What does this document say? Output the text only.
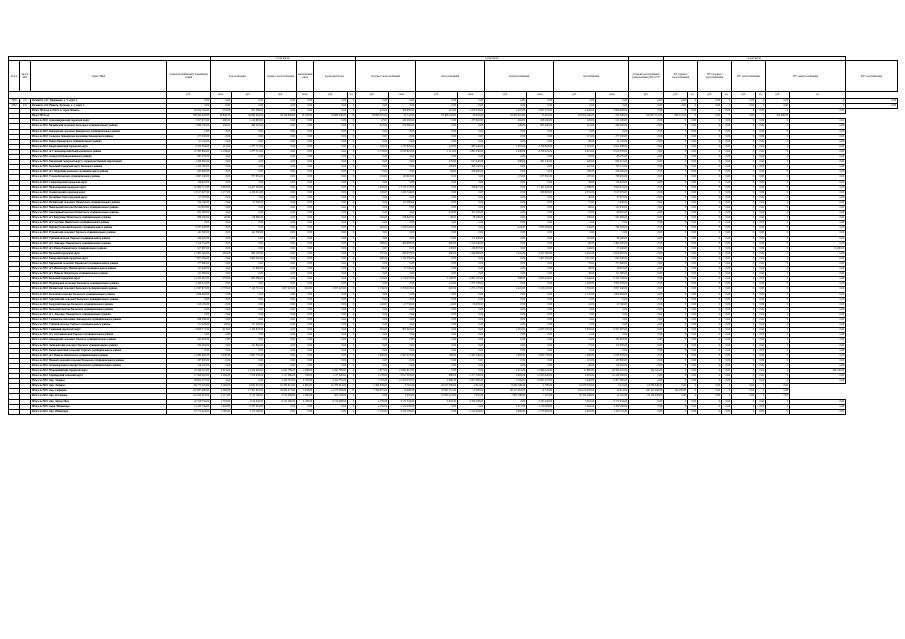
				в том числе:						в том числе:									в том числе:								
№ п/п	№ п/п МО	Адрес МКД	размер (коэффициент) повышения ставки	водоснабжение		горячего водоснабжения	канализации/ очист	водоводы/прочее		холодного водоснабжения		теплоснабжения		электроснабжения		газоснабжения		установка коллективных (общедомовых) ПУ и УУ	ПУ горячего водоснабжения		ПУ холодного водоснабжения		ПУ теплоснабжения		ПУ электроснабжения		ПУ газоснабжения
			руб.	кв.м.	руб.	руб.	кв.м.	руб.	ед.	руб.	кв.м.	руб.	кв.м.	руб.	кв.м.	руб.	кв.м.	руб.	руб.	ед.	руб.	ед.	руб.	ед.	руб.	ед.	
2963	211	Печенгск. пгт. Трифонова, д. 5, корп. 4	0,00	0,00	0,00	0,00	0,00	0,00	0	0,00	0,00	0,00	0,00	0,00	0,00	0,00	0,00	0,00	0,00	0	0,00	0	0,00	0	0,00	0	0,00
2964	212	Печенгск. пгт. Никель, Бульвар, д. 2, корп. 1	0,00	0,00	0,00	0,00	0,00	0,00	0	0,00	0,00	0,00	0,00	0,00	0,00	0,00	0,00	0,00	0,00	0	0,00	0	0,00	0	0,00	0	0,00
		Итого 2014 год по МО г.п. город Печенга	26 022 704,00	181,00	627 399,00	0,00	0,00	0,00	0	641,00	588 900,00	412,00	1 479 728,00	1 281,00	2 667 572,00	2 820,00	5 898 408,00	0,00	0	0,00	0	0,00	0	0,00	0	0,00	
		Итого 2014 год	768 294 228,00	19 846,00	36 664 904,00	29 128 906,00	13 126,00	24 889 400,00	23	29 685 375,00	25 122,00	79 408 128,00	26 832,00	78 301 812,00	33 614,00	179 874 200,00	220 346,00	162 957 112,00	282 121,00	0	0,00	0	0,00	1	222 800,00		
		Итого по МО: Александровский городской округ	1 817 671,00	460,00	1 210 985,00	0,00	0,00	0,00	0	47,00	140 200,00	0,00	237 810,00	464,00	298 200,00	320,00	511 100,00	0,00	0	0,00	0	0,00	0	0,00	0	0,00	
		Итого по МО: Видяевский сельсовет Кольского муниципального района	1 880 730,00	230,00	486 520,00	0,00	0,00	0,00	0	221,00	270 360,00	0,00	0,00	236,00	601 040,00	221,00	282 320,00	0,00	0	0,00	0	0,00	0	0,00	0	0,00	
		Итого по МО: Ковдорский сельсовет Ковдорского муниципального района	0,00	0,00	0,00	0,00	0,00	0,00	0	0,00	0,00	0,00	0,00	0,00	0,00	0,00	0,00	0,00	0	0,00	0	0,00	0	0,00	0	0,00	
		Итого по МО: Сельское Ловозерское поселение Ловозерского района	277 230,00	0,00	0,00	0,00	0,00	0,00	0	0,00	0,00	0,00	0,00	0,00	0,00	115,00	277 230,00	0,00	0	0,00	0	0,00	0	0,00	0	0,00	
		Итого по МО: Ревда Ловозерского муниципального района	31 135,00	0,00	0,00	0,00	0,00	0,00	0	0,00	0,00	0,00	0,00	0,00	0,00	90,00	31 135,00	0,00	0	0,00	0	0,00	0	0,00	0	0,00	
		Итого по МО: Кандалакшский городской округ	9 322 364,00	211,00	1 377 711,00	0,00	0,00	0,00	0	224,00	1 137 878,00	225,00	985 240,00	1 081,00	2 799 803,00	1 761,00	3 021 688,00	0,00	0	0,00	0	0,00	0	0,00	0	0,00	
		Итого по МО: пгт. Зеленоборский Кандалакшского района	47 395 964,00	3 139,00	3 377 511,00	0,00	0,00	0,00	0	1 779,00	8 032 825,00	1 211,00	1 891 256,00	1 039,00	4 796 225,00	4 874,00	6 512 376,00	0,00	0	0,00	0	0,00	0	0,00	0	0,00	
		Итого по МО: Алакуртти Кандалакшского района	287 270,00	0,00	0,00	0,00	0,00	0,00	0	0,00	0,00	0,00	0,00	0,00	0,00	87,00	88 270,00	0,00	0	0,00	0	0,00	0	0,00	0	0,00	
		Итого по МО: Кировский городской округ с подведомственной территорией	2 299 892,00	0,00	0,00	0,00	0,00	0,00	0	0,00	0,00	375,00	817 220,00	286,00	481 142,00	420,00	661 312,00	0,00	0	0,00	0	0,00	0	0,00	0	0,00	
		Итого по МО: Кольский городской округ Кольского района	1 335 165,00	0,00	0,00	0,00	0,00	0,00	0	0,00	0,00	183,00	428 150,00	0,00	0,00	407,00	725 111,00	0,00	0	0,00	0	0,00	0	0,00	0	0,00	
		Итого по МО: пгт. Мурмаши Кольского муниципального района	281 800,00	0,00	0,00	0,00	0,00	0,00	0	0,00	0,00	64,00	258 400,00	0,00	0,00	100,00	228 200,00	0,00	0	0,00	0	0,00	0	0,00	0	0,00	
		Итого по МО: Тулома Кольского муниципального района	1 667 230,00	0,00	377 801,00	0,00	0,00	0,00	0	151,00	143 901,00	0,00	0,00	174,00	677 832,00	187,00	708 435,00	0,00	0	0,00	0	0,00	0	0,00	0	0,00	
		Итого по МО: Североморский городской округ	159 822,00	0,00	0,00	0,00	0,00	0,00	0	0,00	0,00	0,00	0,00	0,00	0,00	39,00	159 822,00	0,00	0	0,00	0	0,00	0	0,00	0	0,00	
		Итого по МО: Мончегорский городской округ	47 082 171,00	4 665,00	14 207 264,00	0,00	0,00	0,00	0	1 465,00	13 173 172,00	0,00	786 617,00	0,00	17 101 220,00	4 388,00	3 935 972,00	0,00	0	0,00	0	0,00	0	0,00	0	0,00	
		Итого по МО: Оленегорский городской округ	13 917 627,00	1 277,00	4 106 011,00	0,00	0,00	0,00	0	332,00	1 226 744,00	0,00	0,00	0,00	580 603,00	4 331,00	7 617 079,00	0,00	0	0,00	0	0,00	0	0,00	0	0,00	
		Итого по МО: Полярные Зори городской округ	27 370,00	0,00	0,00	0,00	0,00	0,00	0	0,00	0,00	0,00	0,00	0,00	0,00	40,00	27 370,00	0,00	0	0,00	0	0,00	0	0,00	0	0,00	
		Итого по МО: Печенгский сельсовет Печенгского муниципального района	152 130,00	0,00	27 300,00	0,00	0,00	0,00	0	0,00	117 390,00	0,00	0,00	0,00	0,00	27,00	5 440,00	0,00	0	0,00	0	0,00	0	0,00	0	0,00	
		Итого по МО: Никельский поселок Печенгского муниципального района	131 932,00	0,00	0,00	0,00	0,00	0,00	0	0,00	0,00	0,00	0,00	0,00	0,00	66,00	131 932,00	0,00	0	0,00	0	0,00	0	0,00	0	0,00	
		Итого по МО: Заполярный поселок Печенгского муниципального района	201 060,00	0,00	0,00	0,00	0,00	0,00	0	0,00	0,00	224,00	101 250,00	0,00	0,00	10,00	99 810,00	0,00	0	0,00	0	0,00	0	0,00	0	0,00	
		Итого по МО: пгт Корзуново Печенгского муниципального района	888 236,00	40,00	118 960,00	0,00	0,00	0,00	0	102,00	228 620,00	48,00	38 160,00	0,00	0,00	239,00	501 996,00	0,00	0	0,00	0	0,00	0	0,00	0	0,00	
		Итого по МО: пгт Спутник Печенгского муниципального района	0,00	0,00	0,00	0,00	0,00	0,00	0	0,00	0,00	0,00	0,00	0,00	0,00	0,00	0,00	0,00	0	0,00	0	0,00	0	0,00	0	0,00	
		Итого по МО: Верхнетуломский Кольского муниципального района	2 707 528,00	0,00	0,00	0,00	0,00	0,00	0	262,00	1 259 542,00	0,00	0,00	224,00	1 005 594,00	244,00	792 392,00	0,00	0	0,00	0	0,00	0	0,00	0	0,00	
		Итого по МО: Ручьевский сельсовет Терского муниципального района	141 300,00	0,00	141 300,00	0,00	0,00	0,00	0	0,00	0,00	0,00	0,00	0,00	0,00	0,00	0,00	0,00	0	0,00	0	0,00	0	0,00	0	0,00	
		Итого по МО: Умбский поселок Терского муниципального района	242 220,00	0,00	0,00	0,00	0,00	0,00	0	0,00	0,00	75,00	171 920,00	0,00	0,00	116,00	88 300,00	0,00	0	0,00	0	0,00	0	0,00	0	0,00	
		Итого по МО: пгт. Ловозеро Ловозерского муниципального района	1 119 752,00	0,00	0,00	0,00	0,00	0,00	0	188,00	490 908,00	465,00	1 130 440,00	0,00	0,00	80,00	1 495 220,00	0,00	0	0,00	0	0,00	0	0,00	0	0,00	
		Итого по МО: пгт. Ревда Ловозерского муниципального района	617 987,00	0,00	0,00	0,00	0,00	0,00	0	0,00	0,00	133,00	126 837,00	0,00	0,00	244,00	37 440,00	0,00	0	0,00	0	0,00	0	0,00	0	11 290,00	
		Итого по МО: Кольский городской округ	11 985 226,00	265,00	880 195,00	0,00	0,00	0,00	0	337,00	583 970,00	380,00	1 349 980,00	2 110,00	4 911 580,00	2 410,00	3 918 487,00	0,00	0	0,00	0	0,00	0	0,00	0	0,00	
		Итого по МО: Кандалакшский городской округ	7 007 264,00	0,00	3 669 262,00	0,00	0,00	0,00	0	490,00	1 125 256,00	0,00	0,00	0,00	1 407 262,00	1 211,00	925 440,00	0,00	0	0,00	0	0,00	0	0,00	0	0,00	
		Итого по МО: Кировский сельсовет Кировского муниципального района	177 660,00	0,00	0,00	0,00	0,00	0,00	0	0,00	0,00	0,00	0,00	0,00	0,00	70,00	177 660,00	0,00	0	0,00	0	0,00	0	0,00	0	0,00	
		Итого по МО: пгт Мончегорск Мончегорского муниципального района	137 040,00	0,00	22 890,00	0,00	0,00	0,00	0	44,00	57 720,00	0,00	0,00	0,00	0,00	42,00	56 910,00	0,00	0	0,00	0	0,00	0	0,00	0	0,00	
		Итого по МО: пгт. Никель Печенгского муниципального района	111 380,00	0,00	0,00	0,00	0,00	0,00	0	0,00	0,00	0,00	0,00	0,00	0,00	36,00	111 380,00	0,00	0	0,00	0	0,00	0	0,00	0	0,00	
		Итого по МО: Кольский городской округ	11 332 467,00	178,00	893 360,00	0,00	0,00	0,00	0	231,00	2 178 210,00	1 208,00	4 281 167,00	396,00	3 855 034,00	3 444,00	3 152 794,00	0,00	0	0,00	0	0,00	0	0,00	0	0,00	
		Итого по МО: Мурманский сельсовет Кольского муниципального района	3 344 721,00	0,00	0,00	0,00	0,00	0,00	0	0,00	0,00	141,00	1 377 158,00	0,00	0,00	1 228,00	1 952 563,00	0,00	0	0,00	0	0,00	0	0,00	0	0,00	
		Итого по МО: Печенгский сельсовет Кольского муниципального района	11 937 973,00	1 776,00	7 128 701,00	1 657 223,00	491,00	1 657 223,00	0	1 134,00	2 706 210,00	622,00	1 271 127,00	2 222,00	3 125 216,00	1 381,00	3 057 440,00	0,00	0	0,00	0	0,00	0	0,00	0	0,00	
		Итого по МО: Кольский сельсовет Кольского муниципального района	1 859 664,00	0,00	0,00	0,00	0,00	0,00	0	0,00	0,00	0,00	0,00	0,00	0,00	1 170,00	1 859 664,00	0,00	0	0,00	0	0,00	0	0,00	0	0,00	
		Итого по МО: Зареченский сельсовет Кольского муниципального района	0,00	0,00	0,00	0,00	0,00	0,00	0	0,00	0,00	0,00	0,00	0,00	0,00	0,00	0,00	0,00	0	0,00	0	0,00	0	0,00	0	0,00	
		Итого по МО: Кадрский поселок Кольского муниципального района	210 185,00	0,00	0,00	0,00	0,00	0,00	0	142,00	27 730,00	24,00	56 635,00	0,00	0,00	41,00	27 160,00	0,00	0	0,00	0	0,00	0	0,00	0	0,00	
		Итого по МО: Кольский поселок Кольского муниципального района	0,00	0,00	0,00	0,00	0,00	0,00	0	0,00	0,00	0,00	0,00	0,00	0,00	0,00	0,00	0,00	0	0,00	0	0,00	0	0,00	0	0,00	
		Итого по МО: пгт. Ловозеро Ловозерского муниципального района	0,00	0,00	0,00	0,00	0,00	0,00	0	0,00	0,00	0,00	0,00	0,00	0,00	0,00	0,00	0,00	0	0,00	0	0,00	0	0,00	0	0,00	
		Итого по МО: Сосновское поселение Ловозерского муниципального района	288 336,00	0,00	0,00	0,00	0,00	0,00	0	0,00	0,00	0,00	0,00	0,00	0,00	0,00	0,00	0,00	0	0,00	0	0,00	0	0,00	0	0,00	
		Итого по МО: Умбский поселок Терского муниципального района	171 229,00	90,00	171 229,00	0,00	0,00	0,00	0	0,00	0,00	0,00	0,00	0,00	0,00	0,00	0,00	0,00	0	0,00	0	0,00	0	0,00	0	0,00	
		Итого по МО: Северный городской округ	4 600 771,00	413,00	1 194 823,00	0,00	0,00	0,00	0	361,00	303 363,00	0,00	0,00	1 281,00	2 037 107,00	3 032,00	6 437 487,00	0,00	0	0,00	0	0,00	0	0,00	0	0,00	
		Итого по МО: пгт Спутниковский Терского муниципального района	0,00	0,00	0,00	0,00	0,00	0,00	0	0,00	0,00	0,00	0,00	0,00	0,00	0,00	0,00	0,00	0	0,00	0	0,00	0	0,00	0	0,00	
		Итого по МО: Ковдорский сельсовет Терского муниципального района	181 983,00	0,00	0,00	0,00	0,00	0,00	0	0,00	0,00	0,00	0,00	0,00	0,00	51,00	181 983,00	0,00	0	0,00	0	0,00	0	0,00	0	0,00	
		Итого по МО: Даниловский сельсовет Терского муниципального района	232 364,00	0,00	121 864,00	0,00	0,00	0,00	0	0,00	0,00	0,00	0,00	0,00	0,00	77,00	110 500,00	0,00	0	0,00	0	0,00	0	0,00	0	0,00	
		Итого по МО: Кандалакшский сельсовет Терского муниципального района	0,00	0,00	0,00	0,00	0,00	0,00	0	0,00	0,00	0,00	0,00	0,00	0,00	0,00	0,00	0,00	0	0,00	0	0,00	0	0,00	0	0,00	
		Итого по МО: пгт. Никель Печенгского муниципального района	11 082 960,00	1 026,00	2 997 770,00	0,00	0,00	0,00	0	1 090,00	2 587 227,00	768,00	2 181 349,00	1 003,00	3 097 133,00	1 200,00	2 218 378,00	0,00	0	0,00	0	0,00	0	0,00	0	0,00	
		Итого по МО: Нижнетуломский сельсовет Кольского муниципального района	187 800,00	0,00	0,00	0,00	0,00	0,00	0	0,00	0,00	0,00	0,00	0,00	0,00	115,00	187 800,00	0,00	0	0,00	0	0,00	0	0,00	0	0,00	
		Итого по МО: Зеленоборский сельсовет Кольского муниципального района	116 162,00	0,00	0,00	0,00	0,00	0,00	0	0,00	0,00	0,00	0,00	0,00	0,00	40,00	116 162,00	0,00	0	0,00	0	0,00	0	0,00	0	0,00	
		Итого по МО: Мурмашинский городской округ	70 320 247,00	5 013,00	11 932 002,00	2 941 769,00	1 086,00	2 941 769,00	0	7 617,00	12 892 917,00	0,00	0,00	4 071,00	11 894 224,00	11 882,00	20 431 216,00	104 120,00	0	0,00	0	0,00	0	0,00	0	104 120,00	
		Итого по МО: Териберский сельский округ	17 440 416,00	2 584,00	7 078 959,00	1 117 296,00	749,00	1 117 296,00	0	2 176,00	3 017 503,00	880,00	2 177 528,00	4 065,00	11 023 226,00	4 023,00	10 144 300,00	0,00	0	0,00	0	0,00	0	0,00	0	0,00	
		Итого по МО: мкр. Ледяное	48 805 577,00	0,00	0,00	3 182 781,00	3 782,00	3 182 781,00	0	2 701,00	12 450 337,00	2 000,00	2 857 400,00	5 104,00	10 001 357,00	3 442,00	8 457 560,00	0,00	0	0,00	0	0,00	0	0,00	0	0,00	
		Итого по МО: мкр. Ледяное	66 775 425,00	2 196,00	6 952 019,00	10 783 914,00	4 965,00	10 783 914,00	5	5 402 356,00	6 702,00	10 617 366,00	4 811,00	8 432 188,00	4 790,00	14 278 333,00	5 411,00	10 789 249,00	0,00	0	0,00	0	0,00	0	0,00		
		Итого по МО: мкр. Сафоново	107 987 086,00	2 568,00	17 301 916,00	34 592 373,00	7 934,00	11 073 483,00	13	7 764 975,00	10 480,00	47 961 517,00	13 050,00	40 157 461,00	14 725,00	105 010 016,00	20 014,00	100 125 296,00	104 120,00	0	0,00	0	0,00	0	0,00		
		Итого по МО: мкр. Росляково	110 614 018,00	2 117,00	3 113 160,00	2 513 286,00	1 260,00	905 794,00	0	0,00	3 402,00	10 005 112,00	7 010,00	7 005 186,00	7 310,00	32 104 184,00	12 101,00	42 134 336,00	0,00	0	0,00	0	0,00	0	0,00		
		Итого по МО: мкр. Абрам-Мыс	42 316 532,00	1 776,00	3 112 340,00	9 112 296,00	2 196,00	9 112 296,00	0	2 776,00	3 172 334,00	3 010,00	3 190 198,00	0,00	4 155 226,00	3 010,00	8 172 334,00	0,00	0	0,00	0	0,00	0	0,00	0	0,00	
		Итого по МО: мкрн. Шпанмарк	11 412 749,00	1 920,00	3 377 901,00	0,00	0,00	0,00	0	2 102,00	1 310 220,00	0,00	0,00	2 317,00	3 179 209,00	1 010,00	3 100 109,00	0,00	0	0,00	0	0,00	0	0,00	0	0,00	
		Итого по МО: мкр. Шпанмарк	10 775 444,00	1 760,00	1 113 190,00	0,00	0,00	0,00	0	1 110,00	3 120 109,00	0,00	2 122 004,00	2 960,00	2 770 003,00	2 010,00	3 145 311,00	0,00	0	0,00	0	0,00	0	0,00	0	0,00	
